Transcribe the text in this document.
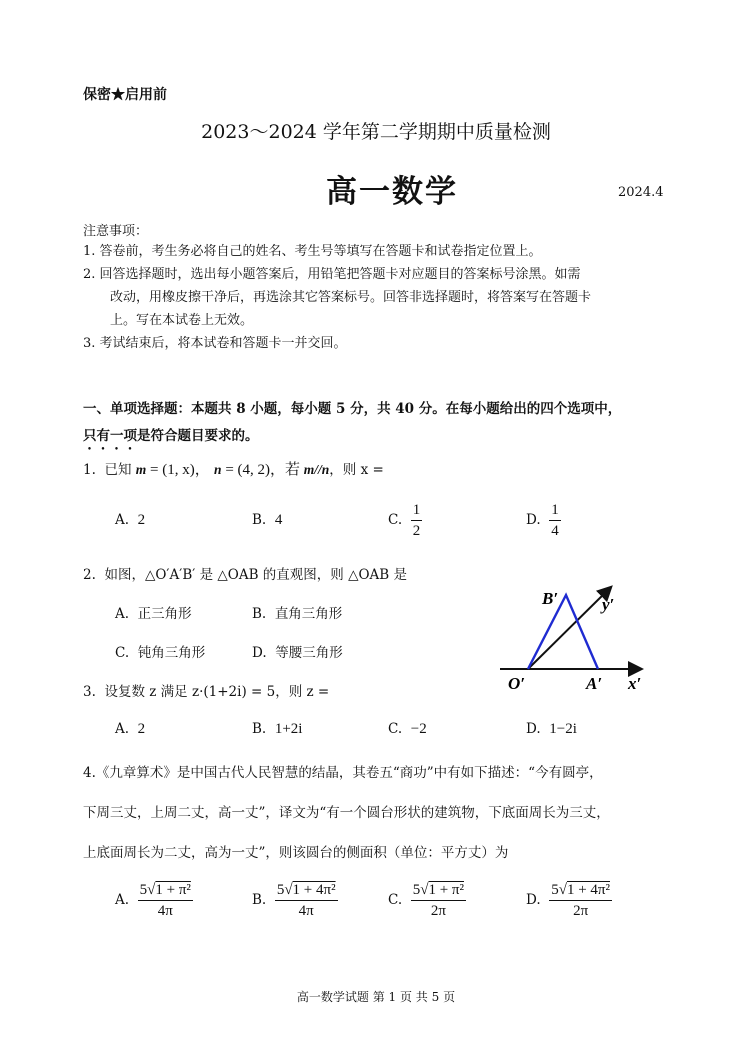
保密★启用前
2023～2024 学年第二学期期中质量检测
高一数学	2024.4
注意事项：
1. 答卷前，考生务必将自己的姓名、考生号等填写在答题卡和试卷指定位置上。
2. 回答选择题时，选出每小题答案后，用铅笔把答题卡对应题目的答案标号涂黑。如需
改动，用橡皮擦干净后，再选涂其它答案标号。回答非选择题时，将答案写在答题卡
上。写在本试卷上无效。
3. 考试结束后，将本试卷和答题卡一并交回。
一、单项选择题：本题共 8 小题，每小题 5 分，共 40 分。在每小题给出的四个选项中，
只有一项是符合题目要求的。
1. 已知 m = (1, x)， n = (4, 2)，若 m//n，则 x =
A. 2	B. 4	C. $\frac{1}{2}$	D. $\frac{1}{4}$
2. 如图，△O′A′B′ 是 △OAB 的直观图，则 △OAB 是
A. 正三角形	B. 直角三角形
C. 钝角三角形	D. 等腰三角形
B′	y′
O′	A′ x′
3. 设复数 z 满足 z·(1+2i) = 5，则 z =
A. 2	B. 1+2i	C. −2	D. 1−2i
4.《九章算术》是中国古代人民智慧的结晶，其卷五“商功”中有如下描述：“今有圆亭，
下周三丈，上周二丈，高一丈”，译文为“有一个圆台形状的建筑物，下底面周长为三丈，
上底面周长为二丈，高为一丈”，则该圆台的侧面积（单位：平方丈）为
A. $\frac{\text{5√1 + π²}}{4\pi}$	B. $\frac{\text{5√1 + 4π²}}{4\pi}$	C. $\frac{\text{5√1 + π²}}{2\pi}$	D. $\frac{\text{5√1 + 4π²}}{2\pi}$
高一数学试题 第 1 页 共 5 页
